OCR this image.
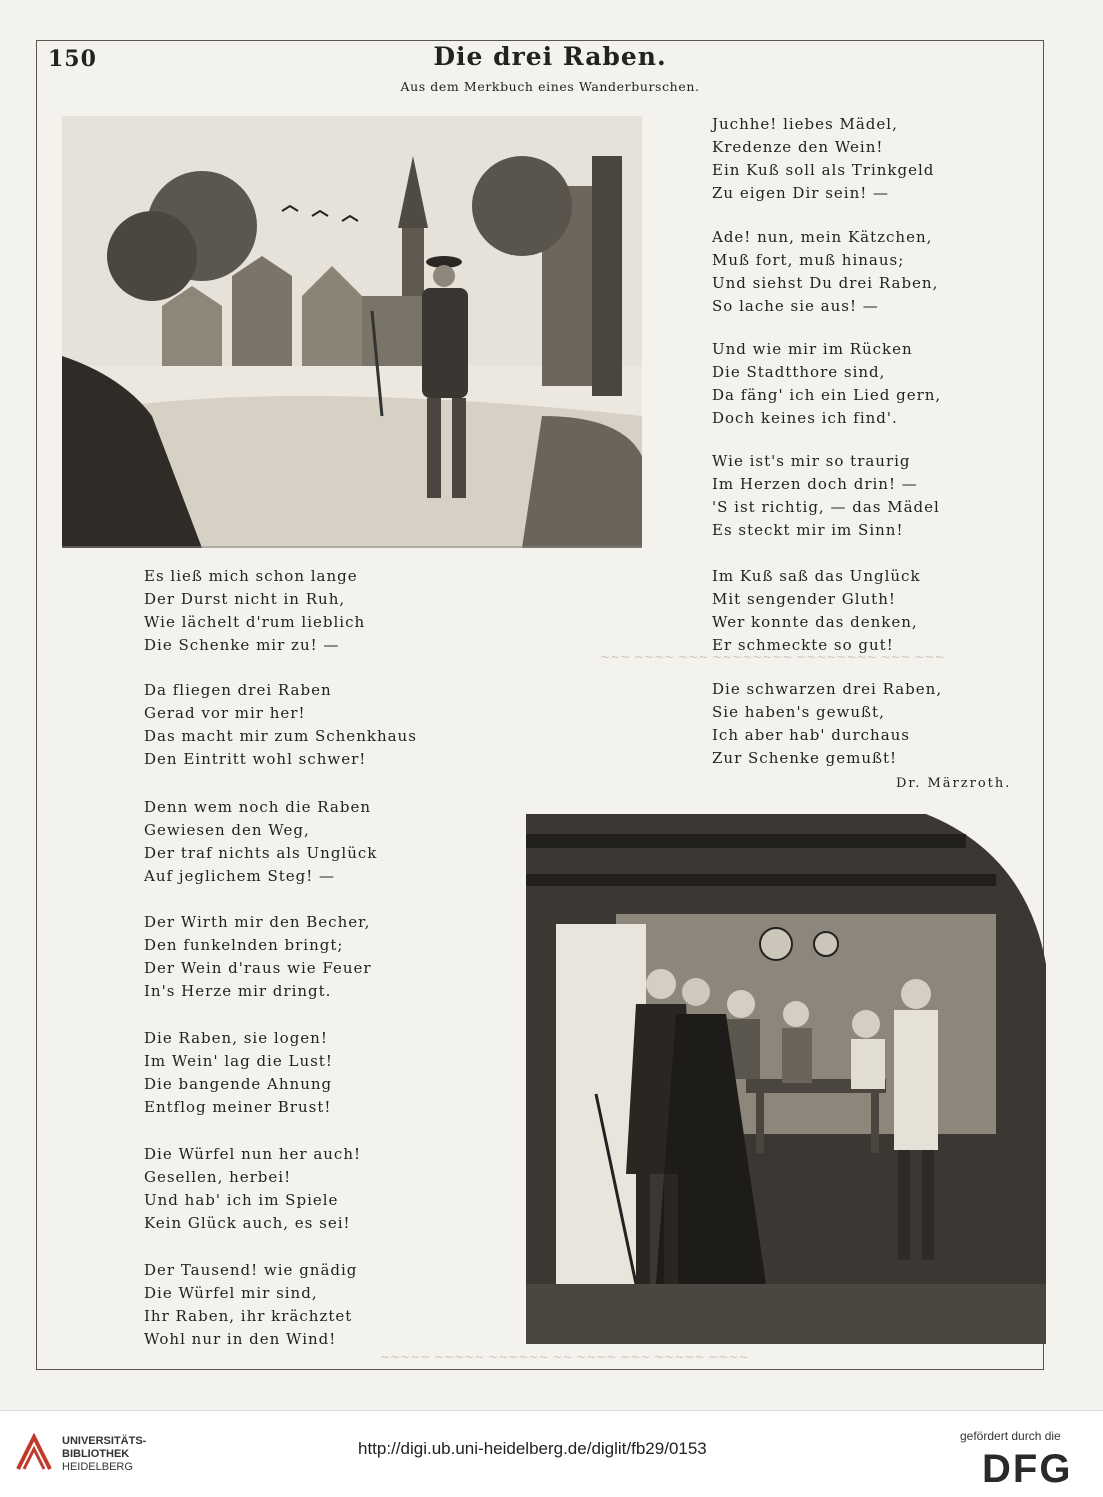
150	Die drei Raben.
Aus dem Merkbuch eines Wanderburschen.
Juchhe! liebes Mädel,
Kredenze den Wein!
Ein Kuß soll als Trinkgeld
Zu eigen Dir sein! —
Ade! nun, mein Kätzchen,
Muß fort, muß hinaus;
Und siehst Du drei Raben,
So lache sie aus! —
Und wie mir im Rücken
Die Stadtthore sind,
Da fäng' ich ein Lied gern,
Doch keines ich find'.
Wie ist's mir so traurig
Im Herzen doch drin! —
'S ist richtig, — das Mädel
Es steckt mir im Sinn!
Im Kuß saß das Unglück
Mit sengender Gluth!
Wer konnte das denken,
Er schmeckte so gut!
Die schwarzen drei Raben,
Sie haben's gewußt,
Ich aber hab' durchaus
Zur Schenke gemußt!
Dr. Märzroth.
Es ließ mich schon lange
Der Durst nicht in Ruh,
Wie lächelt d'rum lieblich
Die Schenke mir zu! —
Da fliegen drei Raben
Gerad vor mir her!
Das macht mir zum Schenkhaus
Den Eintritt wohl schwer!
Denn wem noch die Raben
Gewiesen den Weg,
Der traf nichts als Unglück
Auf jeglichem Steg! —
Der Wirth mir den Becher,
Den funkelnden bringt;
Der Wein d'raus wie Feuer
In's Herze mir dringt.
Die Raben, sie logen!
Im Wein' lag die Lust!
Die bangende Ahnung
Entflog meiner Brust!
Die Würfel nun her auch!
Gesellen, herbei!
Und hab' ich im Spiele
Kein Glück auch, es sei!
Der Tausend! wie gnädig
Die Würfel mir sind,
Ihr Raben, ihr krächztet
Wohl nur in den Wind!
~~~ ~~~~ ~~~ ~~~~~~~~ ~~~~~~~~ ~~~ ~~~
~~~~~ ~~~~~ ~~~~~~ ~~ ~~~~ ~~~ ~~~~~ ~~~~
UNIVERSITÄTS-
BIBLIOTHEK
HEIDELBERG
http://digi.ub.uni-heidelberg.de/diglit/fb29/0153
gefördert durch die
DFG
